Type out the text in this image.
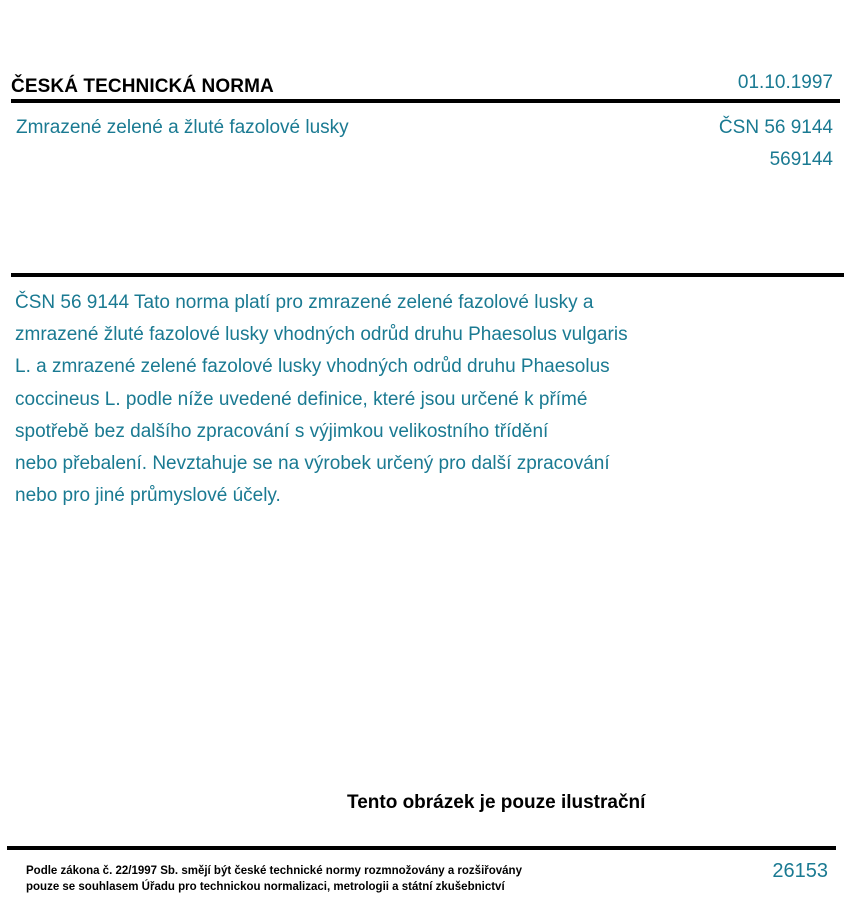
ČESKÁ TECHNICKÁ NORMA	01.10.1997
Zmrazené zelené a žluté fazolové lusky	ČSN 56 9144
569144
ČSN 56 9144 Tato norma platí pro zmrazené zelené fazolové lusky a
zmrazené žluté fazolové lusky vhodných odrůd druhu Phaesolus vulgaris
L. a zmrazené zelené fazolové lusky vhodných odrůd druhu Phaesolus
coccineus L. podle níže uvedené definice, které jsou určené k přímé
spotřebě bez dalšího zpracování s výjimkou velikostního třídění
nebo přebalení. Nevztahuje se na výrobek určený pro další zpracování
nebo pro jiné průmyslové účely.
Tento obrázek je pouze ilustrační
Podle zákona č. 22/1997 Sb. smějí být české technické normy rozmnožovány a rozšiřovány
pouze se souhlasem Úřadu pro technickou normalizaci, metrologii a státní zkušebnictví
26153
